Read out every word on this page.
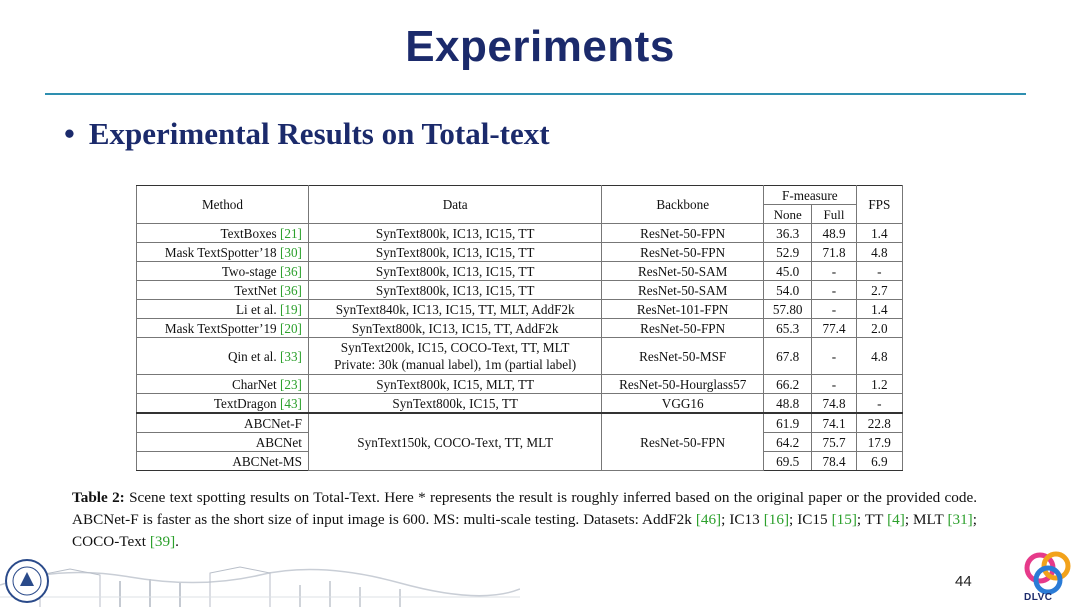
Experiments
• Experimental Results on Total-text
Method	Data	Backbone	F-measure		FPS
			None	Full	
TextBoxes [21]	SynText800k, IC13, IC15, TT	ResNet-50-FPN	36.3	48.9	1.4
Mask TextSpotter’18 [30]	SynText800k, IC13, IC15, TT	ResNet-50-FPN	52.9	71.8	4.8
Two-stage [36]	SynText800k, IC13, IC15, TT	ResNet-50-SAM	45.0	-	-
TextNet [36]	SynText800k, IC13, IC15, TT	ResNet-50-SAM	54.0	-	2.7
Li et al. [19]	SynText840k, IC13, IC15, TT, MLT, AddF2k	ResNet-101-FPN	57.80	-	1.4
Mask TextSpotter’19 [20]	SynText800k, IC13, IC15, TT, AddF2k	ResNet-50-FPN	65.3	77.4	2.0
Qin et al. [33]	SynText200k, IC15, COCO-Text, TT, MLT
Private: 30k (manual label), 1m (partial label)	ResNet-50-MSF	67.8	-	4.8
CharNet [23]	SynText800k, IC15, MLT, TT	ResNet-50-Hourglass57	66.2	-	1.2
TextDragon [43]	SynText800k, IC15, TT	VGG16	48.8	74.8	-
ABCNet-F	SynText150k, COCO-Text, TT, MLT	ResNet-50-FPN	61.9	74.1	22.8
ABCNet			64.2	75.7	17.9
ABCNet-MS			69.5	78.4	6.9
Table 2: Scene text spotting results on Total-Text. Here * represents the result is roughly inferred based on the original paper or the provided code. ABCNet-F is faster as the short size of input image is 600. MS: multi-scale testing. Datasets: AddF2k [46]; IC13 [16]; IC15 [15]; TT [4]; MLT [31]; COCO-Text [39].
44
DLVC
